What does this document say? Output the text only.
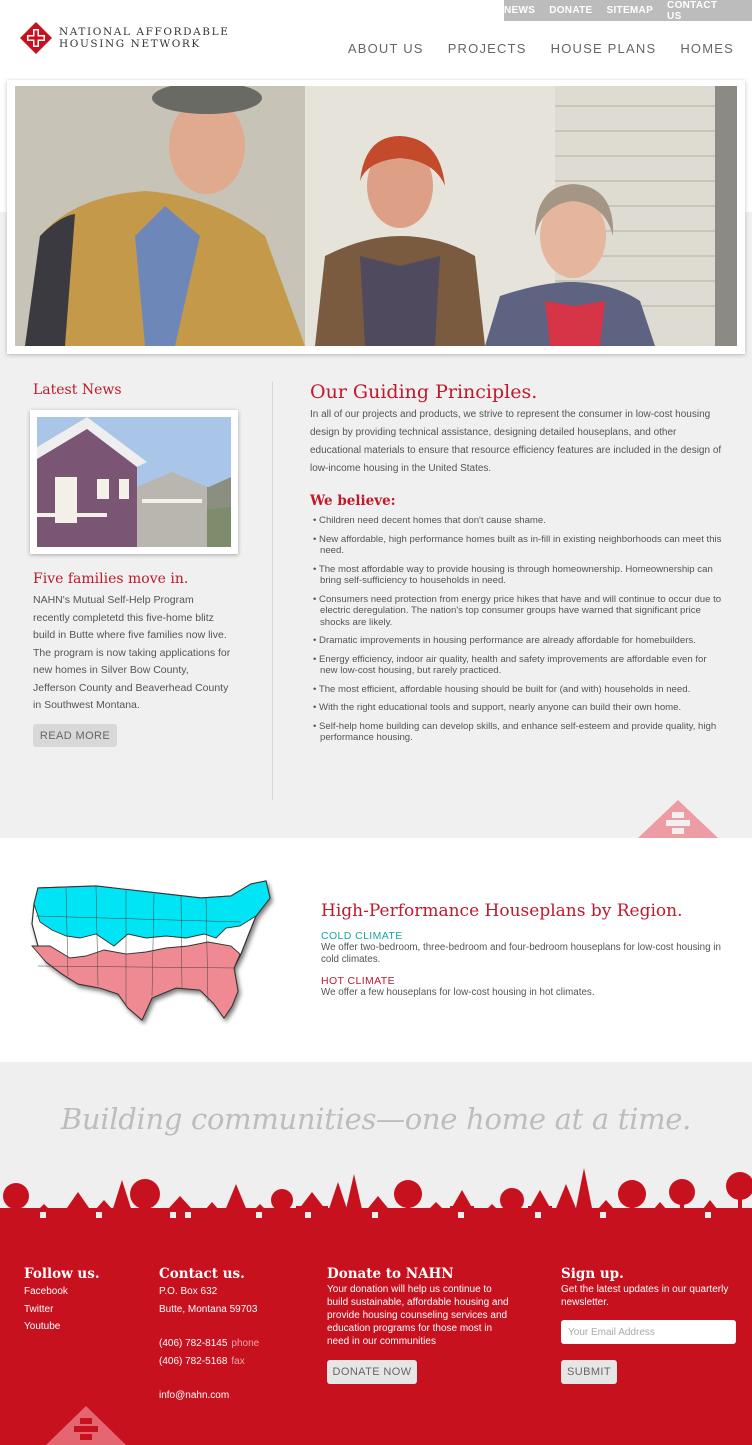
NATIONAL AFFORDABLE
HOUSING NETWORK
NEWS DONATE SITEMAP CONTACT US
ABOUT US PROJECTS HOUSE PLANS HOMES
Latest News
Five families move in.
NAHN's Mutual Self-Help Program recently completetd this five-home blitz build in Butte where five families now live. The program is now taking applications for new homes in Silver Bow County, Jefferson County and Beaverhead County in Southwest Montana.
READ MORE
Our Guiding Principles.

In all of our projects and products, we strive to represent the consumer in low-cost housing design by providing technical assistance, designing detailed houseplans, and other educational materials to ensure that resource efficiency features are included in the design of low-income housing in the United States.

We believe:
• Children need decent homes that don't cause shame.
• New affordable, high performance homes built as in-fill in existing neighborhoods can meet this need.
• The most affordable way to provide housing is through homeownership. Homeownership can bring self-sufficiency to households in need.
• Consumers need protection from energy price hikes that have and will continue to occur due to electric deregulation. The nation's top consumer groups have warned that significant price shocks are likely.
• Dramatic improvements in housing performance are already affordable for homebuilders.
• Energy efficiency, indoor air quality, health and safety improvements are affordable even for new low-cost housing, but rarely practiced.
• The most efficient, affordable housing should be built for (and with) households in need.
• With the right educational tools and support, nearly anyone can build their own home.
• Self-help home building can develop skills, and enhance self-esteem and provide quality, high performance housing.
High-Performance Houseplans by Region.
COLD CLIMATE
We offer two-bedroom, three-bedroom and four-bedroom houseplans for low-cost housing in cold climates.
HOT CLIMATE
We offer a few houseplans for low-cost housing in hot climates.
Building communities—one home at a time.
Follow us.
Facebook
Twitter
Youtube
Contact us.
P.O. Box 632
Butte, Montana 59703
(406) 782-8145 phone
(406) 782-5168 fax
info@nahn.com
Donate to NAHN
Your donation will help us continue to build sustainable, affordable housing and provide housing counseling services and education programs for those most in need in our communities
DONATE NOW
Sign up.
Get the latest updates in our quarterly newsletter.
Your Email Address
SUBMIT
